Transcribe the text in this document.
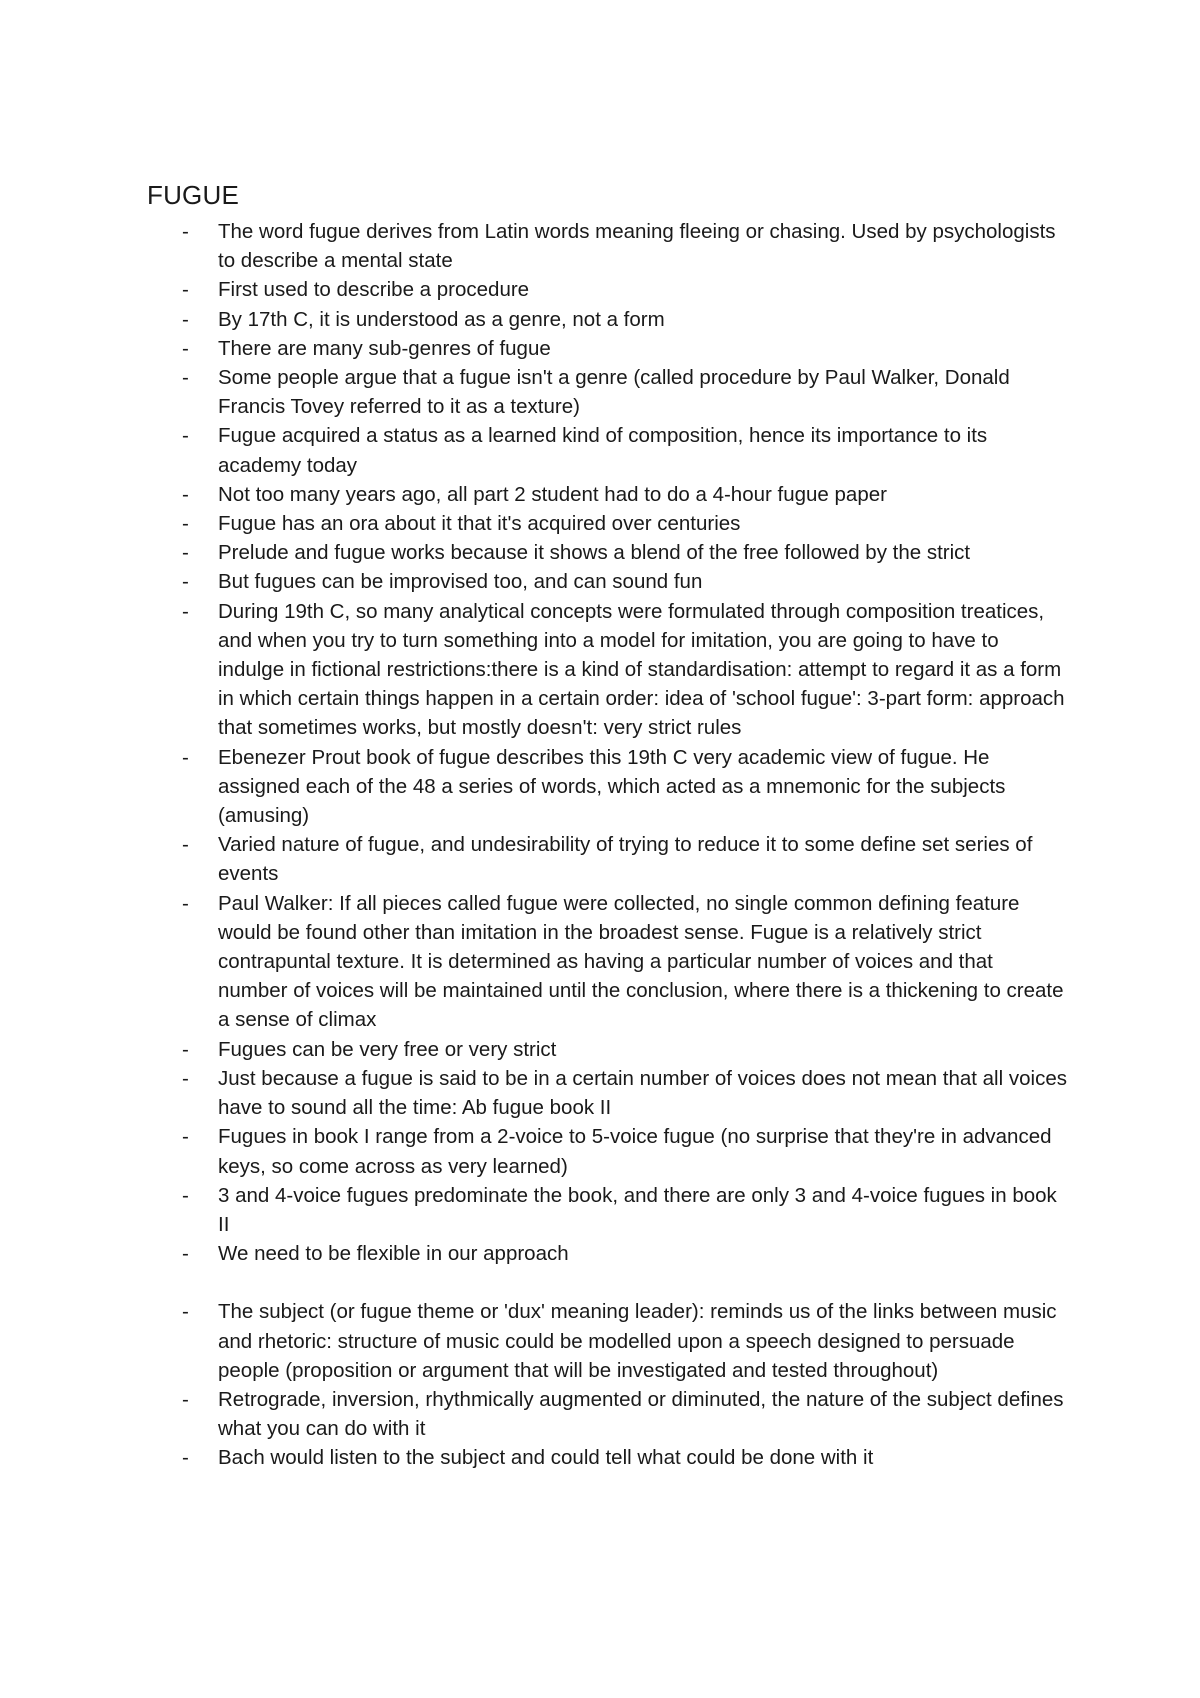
FUGUE
- The word fugue derives from Latin words meaning fleeing or chasing. Used by psychologists to describe a mental state
- First used to describe a procedure
- By 17th C, it is understood as a genre, not a form
- There are many sub-genres of fugue
- Some people argue that a fugue isn't a genre (called procedure by Paul Walker, Donald Francis Tovey referred to it as a texture)
- Fugue acquired a status as a learned kind of composition, hence its importance to its academy today
- Not too many years ago, all part 2 student had to do a 4-hour fugue paper
- Fugue has an ora about it that it's acquired over centuries
- Prelude and fugue works because it shows a blend of the free followed by the strict
- But fugues can be improvised too, and can sound fun
- During 19th C, so many analytical concepts were formulated through composition treatices, and when you try to turn something into a model for imitation, you are going to have to indulge in fictional restrictions:there is a kind of standardisation: attempt to regard it as a form in which certain things happen in a certain order: idea of 'school fugue': 3-part form: approach that sometimes works, but mostly doesn't: very strict rules
- Ebenezer Prout book of fugue describes this 19th C very academic view of fugue. He assigned each of the 48 a series of words, which acted as a mnemonic for the subjects (amusing)
- Varied nature of fugue, and undesirability of trying to reduce it to some define set series of events
- Paul Walker: If all pieces called fugue were collected, no single common defining feature would be found other than imitation in the broadest sense. Fugue is a relatively strict contrapuntal texture. It is determined as having a particular number of voices and that number of voices will be maintained until the conclusion, where there is a thickening to create a sense of climax
- Fugues can be very free or very strict
- Just because a fugue is said to be in a certain number of voices does not mean that all voices have to sound all the time: Ab fugue book II
- Fugues in book I range from a 2-voice to 5-voice fugue (no surprise that they're in advanced keys, so come across as very learned)
- 3 and 4-voice fugues predominate the book, and there are only 3 and 4-voice fugues in book II
- We need to be flexible in our approach
- The subject (or fugue theme or 'dux' meaning leader): reminds us of the links between music and rhetoric: structure of music could be modelled upon a speech designed to persuade people (proposition or argument that will be investigated and tested throughout)
- Retrograde, inversion, rhythmically augmented or diminuted, the nature of the subject defines what you can do with it
- Bach would listen to the subject and could tell what could be done with it
